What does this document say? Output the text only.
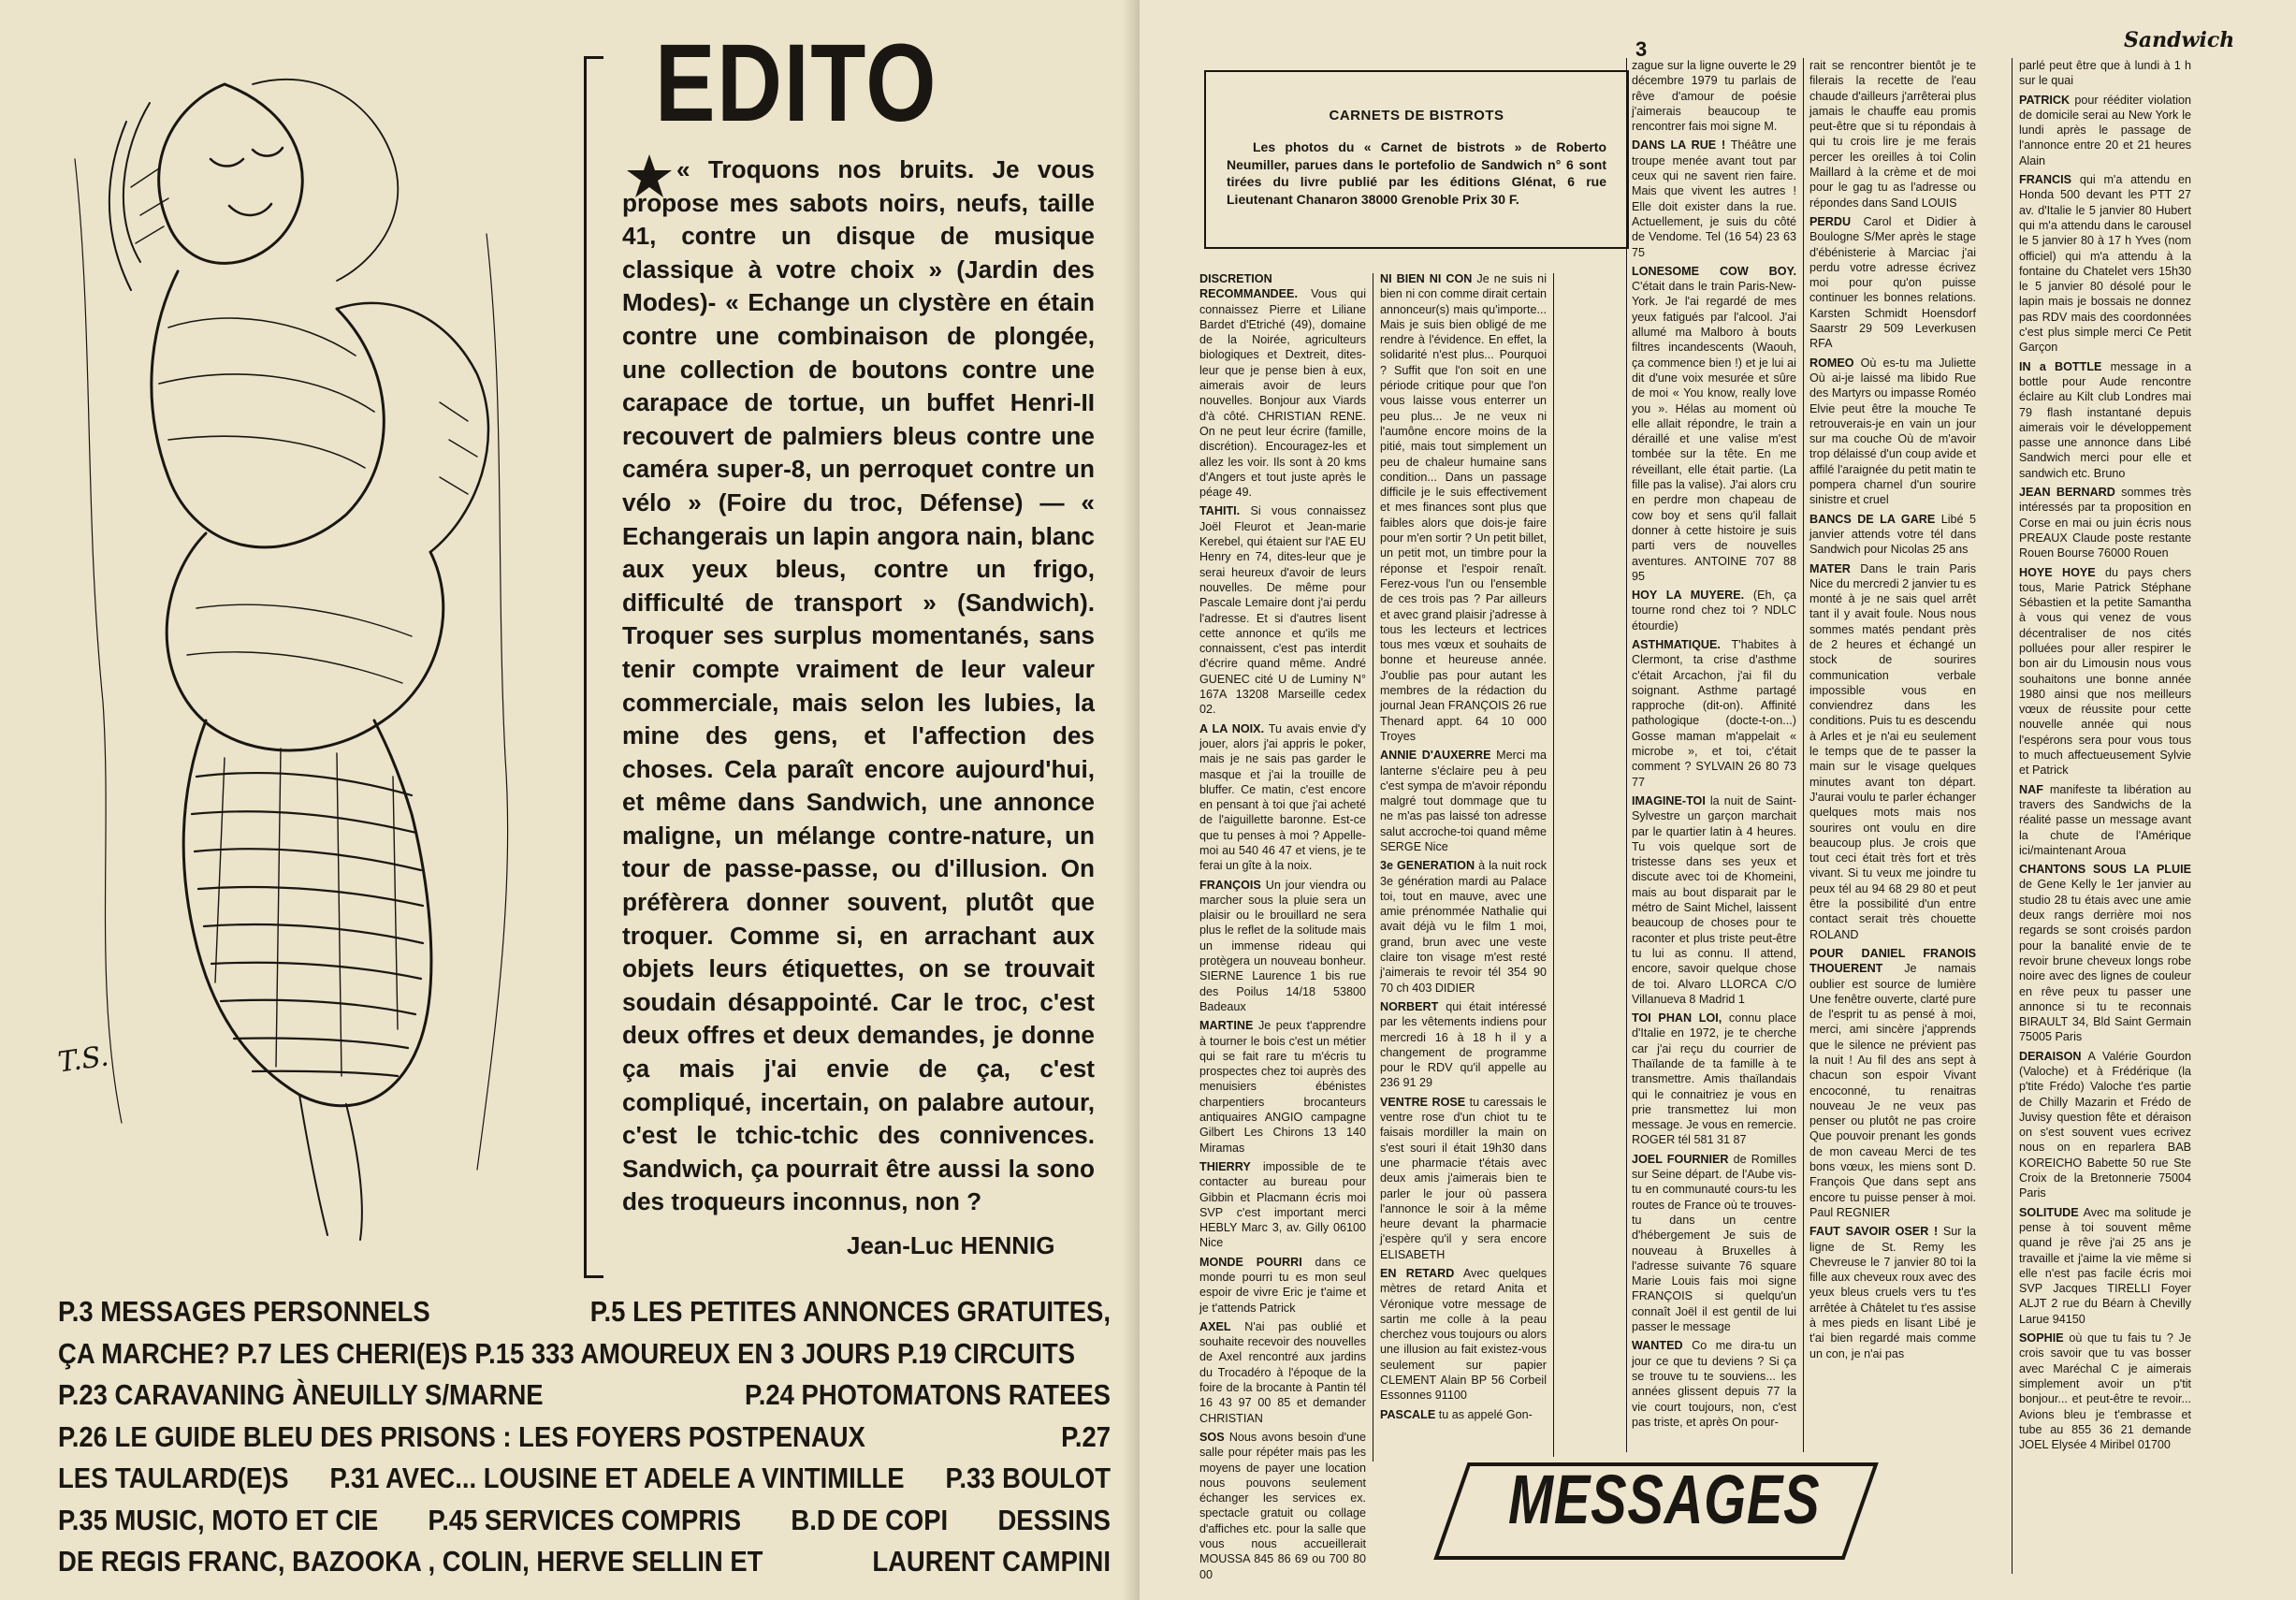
T.S.
EDITO
« Troquons nos bruits. Je vous propose mes sabots noirs, neufs, taille 41, contre un disque de musique classique à votre choix » (Jardin des Modes)- « Echange un clystère en étain contre une combinaison de plongée, une collection de boutons contre une carapace de tortue, un buffet Henri-II recouvert de palmiers bleus contre une caméra super-8, un perroquet contre un vélo » (Foire du troc, Défense) — « Echangerais un lapin angora nain, blanc aux yeux bleus, contre un frigo, difficulté de transport » (Sandwich). Troquer ses surplus momentanés, sans tenir compte vraiment de leur valeur commerciale, mais selon les lubies, la mine des gens, et l'affection des choses. Cela paraît encore aujourd'hui, et même dans Sandwich, une annonce maligne, un mélange contre-nature, un tour de passe-passe, ou d'illusion. On préfèrera donner souvent, plutôt que troquer. Comme si, en arrachant aux objets leurs étiquettes, on se trouvait soudain désappointé. Car le troc, c'est deux offres et deux demandes, je donne ça mais j'ai envie de ça, c'est compliqué, incertain, on palabre autour, c'est le tchic-tchic des connivences. Sandwich, ça pourrait être aussi la sono des troqueurs inconnus, non ?
Jean-Luc HENNIG
P.3 MESSAGES PERSONNELS	P.5 LES PETITES ANNONCES GRATUITES,
ÇA MARCHE? P.7 LES CHERI(E)S P.15 333 AMOUREUX EN 3 JOURS P.19 CIRCUITS
P.23 CARAVANING ÀNEUILLY S/MARNE	P.24 PHOTOMATONS RATEES
P.26 LE GUIDE BLEU DES PRISONS : LES FOYERS POSTPENAUX	P.27
LES TAULARD(E)S P.31 AVEC... LOUSINE ET ADELE A VINTIMILLE P.33 BOULOT
P.35 MUSIC, MOTO ET CIE P.45 SERVICES COMPRIS B.D DE COPI DESSINS
DE REGIS FRANC, BAZOOKA , COLIN, HERVE SELLIN ET	LAURENT CAMPINI
3	Sandwich
CARNETS DE BISTROTS
Les photos du « Carnet de bistrots » de Roberto Neumiller, parues dans le portefolio de Sandwich n° 6 sont tirées du livre publié par les éditions Glénat, 6 rue Lieutenant Chanaron 38000 Grenoble Prix 30 F.

DISCRETION RECOMMANDEE. Vous qui connaissez Pierre et Liliane Bardet d'Etriché (49), domaine de la Noirée, agriculteurs biologiques et Dextreit, dites-leur que je pense bien à eux, aimerais avoir de leurs nouvelles. Bonjour aux Viards d'à côté. CHRISTIAN RENE. On ne peut leur écrire (famille, discrétion). Encouragez-les et allez les voir. Ils sont à 20 kms d'Angers et tout juste après le péage 49.

TAHITI. Si vous connaissez Joël Fleurot et Jean-marie Kerebel, qui étaient sur l'AE EU Henry en 74, dites-leur que je serai heureux d'avoir de leurs nouvelles. De même pour Pascale Lemaire dont j'ai perdu l'adresse. Et si d'autres lisent cette annonce et qu'ils me connaissent, c'est pas interdit d'écrire quand même. André GUENEC cité U de Luminy N° 167A 13208 Marseille cedex 02.

A LA NOIX. Tu avais envie d'y jouer, alors j'ai appris le poker, mais je ne sais pas garder le masque et j'ai la trouille de bluffer. Ce matin, c'est encore en pensant à toi que j'ai acheté de l'aiguillette baronne. Est-ce que tu penses à moi ? Appelle-moi au 540 46 47 et viens, je te ferai un gîte à la noix.

FRANÇOIS Un jour viendra ou marcher sous la pluie sera un plaisir ou le brouillard ne sera plus le reflet de la solitude mais un immense rideau qui protègera un nouveau bonheur. SIERNE Laurence 1 bis rue des Poilus 14/18 53800 Badeaux

MARTINE Je peux t'apprendre à tourner le bois c'est un métier qui se fait rare tu m'écris tu prospectes chez toi auprès des menuisiers ébénistes charpentiers brocanteurs antiquaires ANGIO campagne Gilbert Les Chirons 13 140 Miramas

THIERRY impossible de te contacter au bureau pour Gibbin et Placmann écris moi SVP c'est important merci HEBLY Marc 3, av. Gilly 06100 Nice

MONDE POURRI dans ce monde pourri tu es mon seul espoir de vivre Eric je t'aime et je t'attends Patrick

AXEL N'ai pas oublié et souhaite recevoir des nouvelles de Axel rencontré aux jardins du Trocadéro à l'époque de la foire de la brocante à Pantin tél 16 43 97 00 85 et demander CHRISTIAN

SOS Nous avons besoin d'une salle pour répéter mais pas les moyens de payer une location nous pouvons seulement échanger les services ex. spectacle gratuit ou collage d'affiches etc. pour la salle que vous nous accueillerait MOUSSA 845 86 69 ou 700 80 00

NI BIEN NI CON Je ne suis ni bien ni con comme dirait certain annonceur(s) mais qu'importe... Mais je suis bien obligé de me rendre à l'évidence. En effet, la solidarité n'est plus... Pourquoi ? Suffit que l'on soit en une période critique pour que l'on vous laisse vous enterrer un peu plus... Je ne veux ni l'aumône encore moins de la pitié, mais tout simplement un peu de chaleur humaine sans condition... Dans un passage difficile je le suis effectivement et mes finances sont plus que faibles alors que dois-je faire pour m'en sortir ? Un petit billet, un petit mot, un timbre pour la réponse et l'espoir renaît. Ferez-vous l'un ou l'ensemble de ces trois pas ? Par ailleurs et avec grand plaisir j'adresse à tous les lecteurs et lectrices tous mes vœux et souhaits de bonne et heureuse année. J'oublie pas pour autant les membres de la rédaction du journal Jean FRANÇOIS 26 rue Thenard appt. 64 10 000 Troyes

ANNIE D'AUXERRE Merci ma lanterne s'éclaire peu à peu c'est sympa de m'avoir répondu malgré tout dommage que tu ne m'as pas laissé ton adresse salut accroche-toi quand même SERGE Nice

3e GENERATION à la nuit rock 3e génération mardi au Palace toi, tout en mauve, avec une amie prénommée Nathalie qui avait déjà vu le film 1 moi, grand, brun avec une veste claire ton visage m'est resté j'aimerais te revoir tél 354 90 70 ch 403 DIDIER

NORBERT qui était intéressé par les vêtements indiens pour mercredi 16 à 18 h il y a changement de programme pour le RDV qu'il appelle au 236 91 29

VENTRE ROSE tu caressais le ventre rose d'un chiot tu te faisais mordiller la main on s'est souri il était 19h30 dans une pharmacie t'étais avec deux amis j'aimerais bien te parler le jour où passera l'annonce le soir à la même heure devant la pharmacie j'espère qu'il y sera encore ELISABETH

EN RETARD Avec quelques mètres de retard Anita et Véronique votre message de sartin me colle à la peau cherchez vous toujours ou alors une illusion au fait existez-vous seulement sur papier CLEMENT Alain BP 56 Corbeil Essonnes 91100

PASCALE tu as appelé Gon-

zague sur la ligne ouverte le 29 décembre 1979 tu parlais de rêve d'amour de poésie j'aimerais beaucoup te rencontrer fais moi signe M.

DANS LA RUE ! Théâtre une troupe menée avant tout par ceux qui ne savent rien faire. Mais que vivent les autres ! Elle doit exister dans la rue. Actuellement, je suis du côté de Vendome. Tel (16 54) 23 63 75

LONESOME COW BOY. C'était dans le train Paris-New-York. Je l'ai regardé de mes yeux fatigués par l'alcool. J'ai allumé ma Malboro à bouts filtres incandescents (Waouh, ça commence bien !) et je lui ai dit d'une voix mesurée et sûre de moi « You know, really love you ». Hélas au moment où elle allait répondre, le train a déraillé et une valise m'est tombée sur la tête. En me réveillant, elle était partie. (La fille pas la valise). J'ai alors cru en perdre mon chapeau de cow boy et sens qu'il fallait donner à cette histoire je suis parti vers de nouvelles aventures. ANTOINE 707 88 95

HOY LA MUYERE. (Eh, ça tourne rond chez toi ? NDLC étourdie)

ASTHMATIQUE. T'habites à Clermont, ta crise d'asthme c'était Arcachon, j'ai fil du soignant. Asthme partagé rapproche (dit-on). Affinité pathologique (docte-t-on...) Gosse maman m'appelait « microbe », et toi, c'était comment ? SYLVAIN 26 80 73 77

IMAGINE-TOI la nuit de Saint-Sylvestre un garçon marchait par le quartier latin à 4 heures. Tu vois quelque sort de tristesse dans ses yeux et discute avec toi de Khomeini, mais au bout disparait par le métro de Saint Michel, laissent beaucoup de choses pour te raconter et plus triste peut-être tu lui as connu. Il attend, encore, savoir quelque chose de toi. Alvaro LLORCA C/O Villanueva 8 Madrid 1

TOI PHAN LOI, connu place d'Italie en 1972, je te cherche car j'ai reçu du courrier de Thaïlande de ta famille à te transmettre. Amis thaïlandais qui le connaitriez je vous en prie transmettez lui mon message. Je vous en remercie. ROGER tél 581 31 87

JOEL FOURNIER de Romilles sur Seine départ. de l'Aube vis-tu en communauté cours-tu les routes de France où te trouves-tu dans un centre d'hébergement Je suis de nouveau à Bruxelles à l'adresse suivante 76 square Marie Louis fais moi signe FRANÇOIS si quelqu'un connaît Joël il est gentil de lui passer le message

WANTED Co me dira-tu un jour ce que tu deviens ? Si ça se trouve tu te souviens... les années glissent depuis 77 la vie court toujours, non, c'est pas triste, et après On pour-

rait se rencontrer bientôt je te filerais la recette de l'eau chaude d'ailleurs j'arrêterai plus jamais le chauffe eau promis peut-être que si tu répondais à qui tu crois lire je me ferais percer les oreilles à toi Colin Maillard à la crème et de moi pour le gag tu as l'adresse ou répondes dans Sand LOUIS

PERDU Carol et Didier à Boulogne S/Mer après le stage d'ébénisterie à Marciac j'ai perdu votre adresse écrivez moi pour qu'on puisse continuer les bonnes relations. Karsten Schmidt Hoensdorf Saarstr 29 509 Leverkusen RFA

ROMEO Où es-tu ma Juliette Où ai-je laissé ma libido Rue des Martyrs ou impasse Roméo Elvie peut être la mouche Te retrouverais-je en vain un jour sur ma couche Où de m'avoir trop délaissé d'un coup avide et affilé l'araignée du petit matin te pompera charnel d'un sourire sinistre et cruel

BANCS DE LA GARE Libé 5 janvier attends votre tél dans Sandwich pour Nicolas 25 ans

MATER Dans le train Paris Nice du mercredi 2 janvier tu es monté à je ne sais quel arrêt tant il y avait foule. Nous nous sommes matés pendant près de 2 heures et échangé un stock de sourires communication verbale impossible vous en conviendrez dans les conditions. Puis tu es descendu à Arles et je n'ai eu seulement le temps que de te passer la main sur le visage quelques minutes avant ton départ. J'aurai voulu te parler échanger quelques mots mais nos sourires ont voulu en dire beaucoup plus. Je crois que tout ceci était très fort et très vivant. Si tu veux me joindre tu peux tél au 94 68 29 80 et peut être la possibilité d'un entre contact serait très chouette ROLAND

POUR DANIEL FRANOIS THOUERENT Je namais oublier est source de lumière Une fenêtre ouverte, clarté pure de l'esprit tu as pensé à moi, merci, ami sincère j'apprends que le silence ne prévient pas la nuit ! Au fil des ans sept à chacun son espoir Vivant encoconné, tu renaitras nouveau Je ne veux pas penser ou plutôt ne pas croire Que pouvoir prenant les gonds de mon caveau Merci de tes bons vœux, les miens sont D. François Que dans sept ans encore tu puisse penser à moi. Paul REGNIER

FAUT SAVOIR OSER ! Sur la ligne de St. Remy les Chevreuse le 7 janvier 80 toi la fille aux cheveux roux avec des yeux bleus cruels vers tu t'es arrêtée à Châtelet tu t'es assise à mes pieds en lisant Libé je t'ai bien regardé mais comme un con, je n'ai pas

parlé peut être que à lundi à 1 h sur le quai

PATRICK pour rééditer violation de domicile serai au New York le lundi après le passage de l'annonce entre 20 et 21 heures Alain

FRANCIS qui m'a attendu en Honda 500 devant les PTT 27 av. d'Italie le 5 janvier 80 Hubert qui m'a attendu dans le carousel le 5 janvier 80 à 17 h Yves (nom officiel) qui m'a attendu à la fontaine du Chatelet vers 15h30 le 5 janvier 80 désolé pour le lapin mais je bossais ne donnez pas RDV mais des coordonnées c'est plus simple merci Ce Petit Garçon

IN a BOTTLE message in a bottle pour Aude rencontre éclaire au Kilt club Londres mai 79 flash instantané depuis aimerais voir le développement passe une annonce dans Libé Sandwich merci pour elle et sandwich etc. Bruno

JEAN BERNARD sommes très intéressés par ta proposition en Corse en mai ou juin écris nous PREAUX Claude poste restante Rouen Bourse 76000 Rouen

HOYE HOYE du pays chers tous, Marie Patrick Stéphane Sébastien et la petite Samantha à vous qui venez de vous décentraliser de nos cités polluées pour aller respirer le bon air du Limousin nous vous souhaitons une bonne année 1980 ainsi que nos meilleurs vœux de réussite pour cette nouvelle année qui nous l'espérons sera pour vous tous to much affectueusement Sylvie et Patrick

NAF manifeste ta libération au travers des Sandwichs de la réalité passe un message avant la chute de l'Amérique ici/maintenant Aroua

CHANTONS SOUS LA PLUIE de Gene Kelly le 1er janvier au studio 28 tu étais avec une amie deux rangs derrière moi nos regards se sont croisés pardon pour la banalité envie de te revoir brune cheveux longs robe noire avec des lignes de couleur en rêve peux tu passer une annonce si tu te reconnais BIRAULT 34, Bld Saint Germain 75005 Paris

DERAISON A Valérie Gourdon (Valoche) et à Frédérique (la p'tite Frédo) Valoche t'es partie de Chilly Mazarin et Frédo de Juvisy question fête et déraison on s'est souvent vues ecrivez nous on en reparlera BAB KOREICHO Babette 50 rue Ste Croix de la Bretonnerie 75004 Paris

SOLITUDE Avec ma solitude je pense à toi souvent même quand je rêve j'ai 25 ans je travaille et j'aime la vie même si elle n'est pas facile écris moi SVP Jacques TIRELLI Foyer ALJT 2 rue du Béarn à Chevilly Larue 94150

SOPHIE où que tu fais tu ? Je crois savoir que tu vas bosser avec Maréchal C je aimerais simplement avoir un p'tit bonjour... et peut-être te revoir... Avions bleu je t'embrasse et tube au 855 36 21 demande JOEL Elysée 4 Miribel 01700

MESSAGES
